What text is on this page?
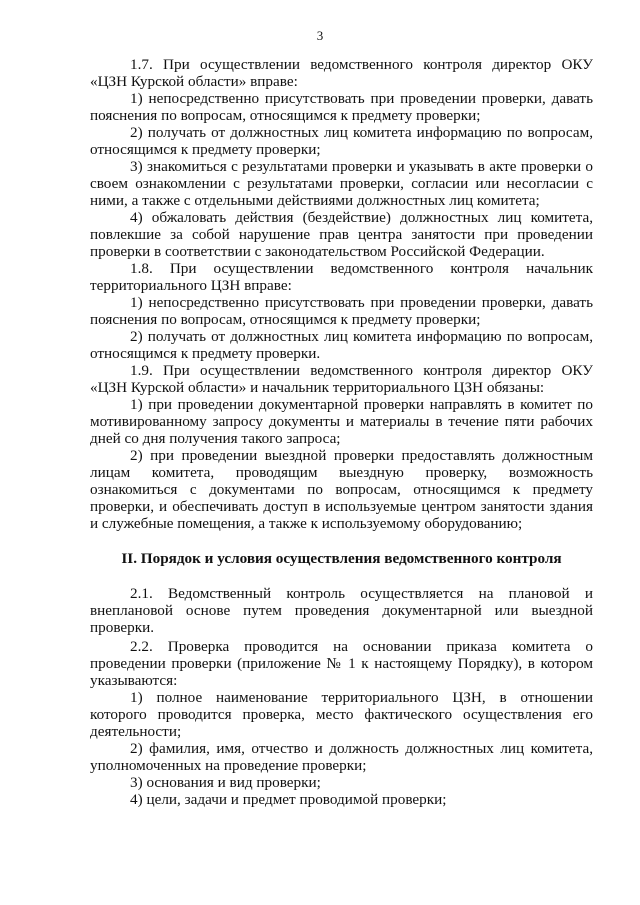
3

1.7. При осуществлении ведомственного контроля директор ОКУ «ЦЗН Курской области» вправе:

1) непосредственно присутствовать при проведении проверки, давать пояснения по вопросам, относящимся к предмету проверки;

2) получать от должностных лиц комитета информацию по вопросам, относящимся к предмету проверки;

3) знакомиться с результатами проверки и указывать в акте проверки о своем ознакомлении с результатами проверки, согласии или несогласии с ними, а также с отдельными действиями должностных лиц комитета;

4) обжаловать действия (бездействие) должностных лиц комитета, повлекшие за собой нарушение прав центра занятости при проведении проверки в соответствии с законодательством Российской Федерации.

1.8. При осуществлении ведомственного контроля начальник территориального ЦЗН вправе:

1) непосредственно присутствовать при проведении проверки, давать пояснения по вопросам, относящимся к предмету проверки;

2) получать от должностных лиц комитета информацию по вопросам, относящимся к предмету проверки.

1.9. При осуществлении ведомственного контроля директор ОКУ «ЦЗН Курской области» и начальник территориального ЦЗН обязаны:

1) при проведении документарной проверки направлять в комитет по мотивированному запросу документы и материалы в течение пяти рабочих дней со дня получения такого запроса;

2) при проведении выездной проверки предоставлять должностным лицам комитета, проводящим выездную проверку, возможность ознакомиться с документами по вопросам, относящимся к предмету проверки, и обеспечивать доступ в используемые центром занятости здания и служебные помещения, а также к используемому оборудованию;

II. Порядок и условия осуществления ведомственного контроля

2.1. Ведомственный контроль осуществляется на плановой и внеплановой основе путем проведения документарной или выездной проверки.

2.2. Проверка проводится на основании приказа комитета о проведении проверки (приложение № 1 к настоящему Порядку), в котором указываются:

1) полное наименование территориального ЦЗН, в отношении которого проводится проверка, место фактического осуществления его деятельности;

2) фамилия, имя, отчество и должность должностных лиц комитета, уполномоченных на проведение проверки;

3) основания и вид проверки;

4) цели, задачи и предмет проводимой проверки;
